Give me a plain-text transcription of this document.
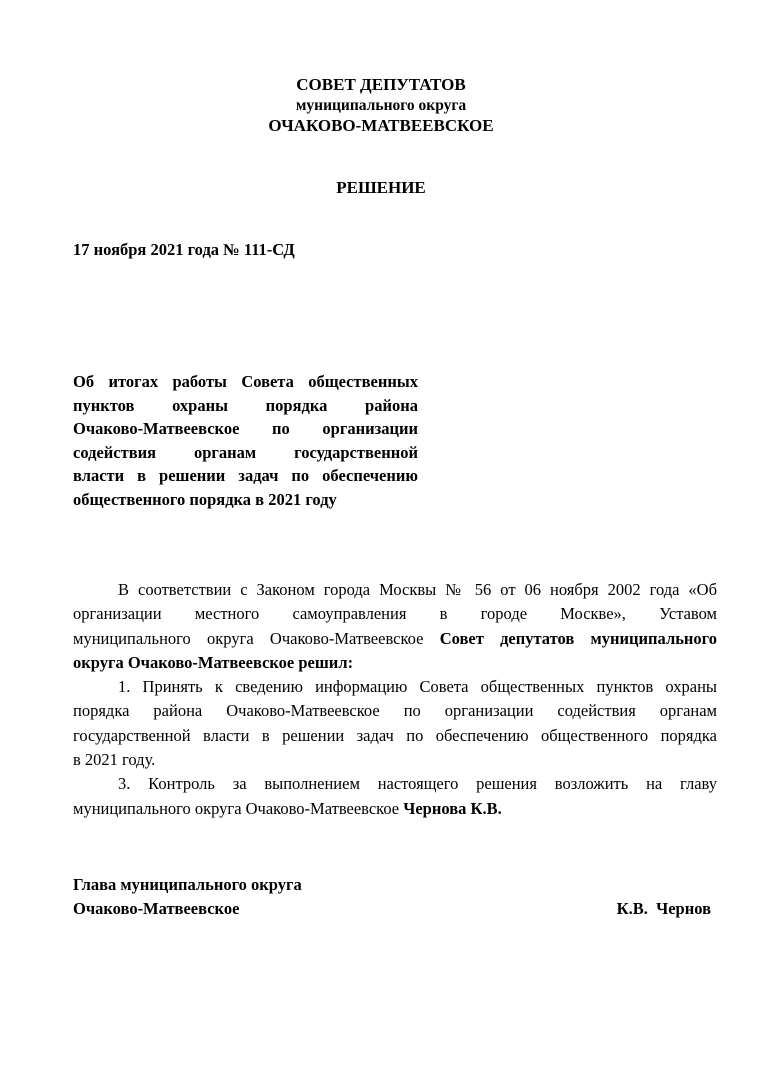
СОВЕТ ДЕПУТАТОВ
муниципального округа
ОЧАКОВО-МАТВЕЕВСКОЕ
РЕШЕНИЕ
17 ноября 2021 года № 111-СД
Об итогах работы Совета общественных
пунктов охраны порядка района
Очаково-Матвеевское по организации
содействия органам государственной
власти в решении задач по обеспечению
общественного порядка в 2021 году
В соответствии с Законом города Москвы № 56 от 06 ноября 2002 года «Об
организации местного самоуправления в городе Москве», Уставом
муниципального округа Очаково-Матвеевское Совет депутатов муниципального
округа Очаково-Матвеевское решил:
1. Принять к сведению информацию Совета общественных пунктов охраны
порядка района Очаково-Матвеевское по организации содействия органам
государственной власти в решении задач по обеспечению общественного порядка
в 2021 году.
3. Контроль за выполнением настоящего решения возложить на главу
муниципального округа Очаково-Матвеевское Чернова К.В.
Глава муниципального округа
Очаково-Матвеевское	К.В.  Чернов
